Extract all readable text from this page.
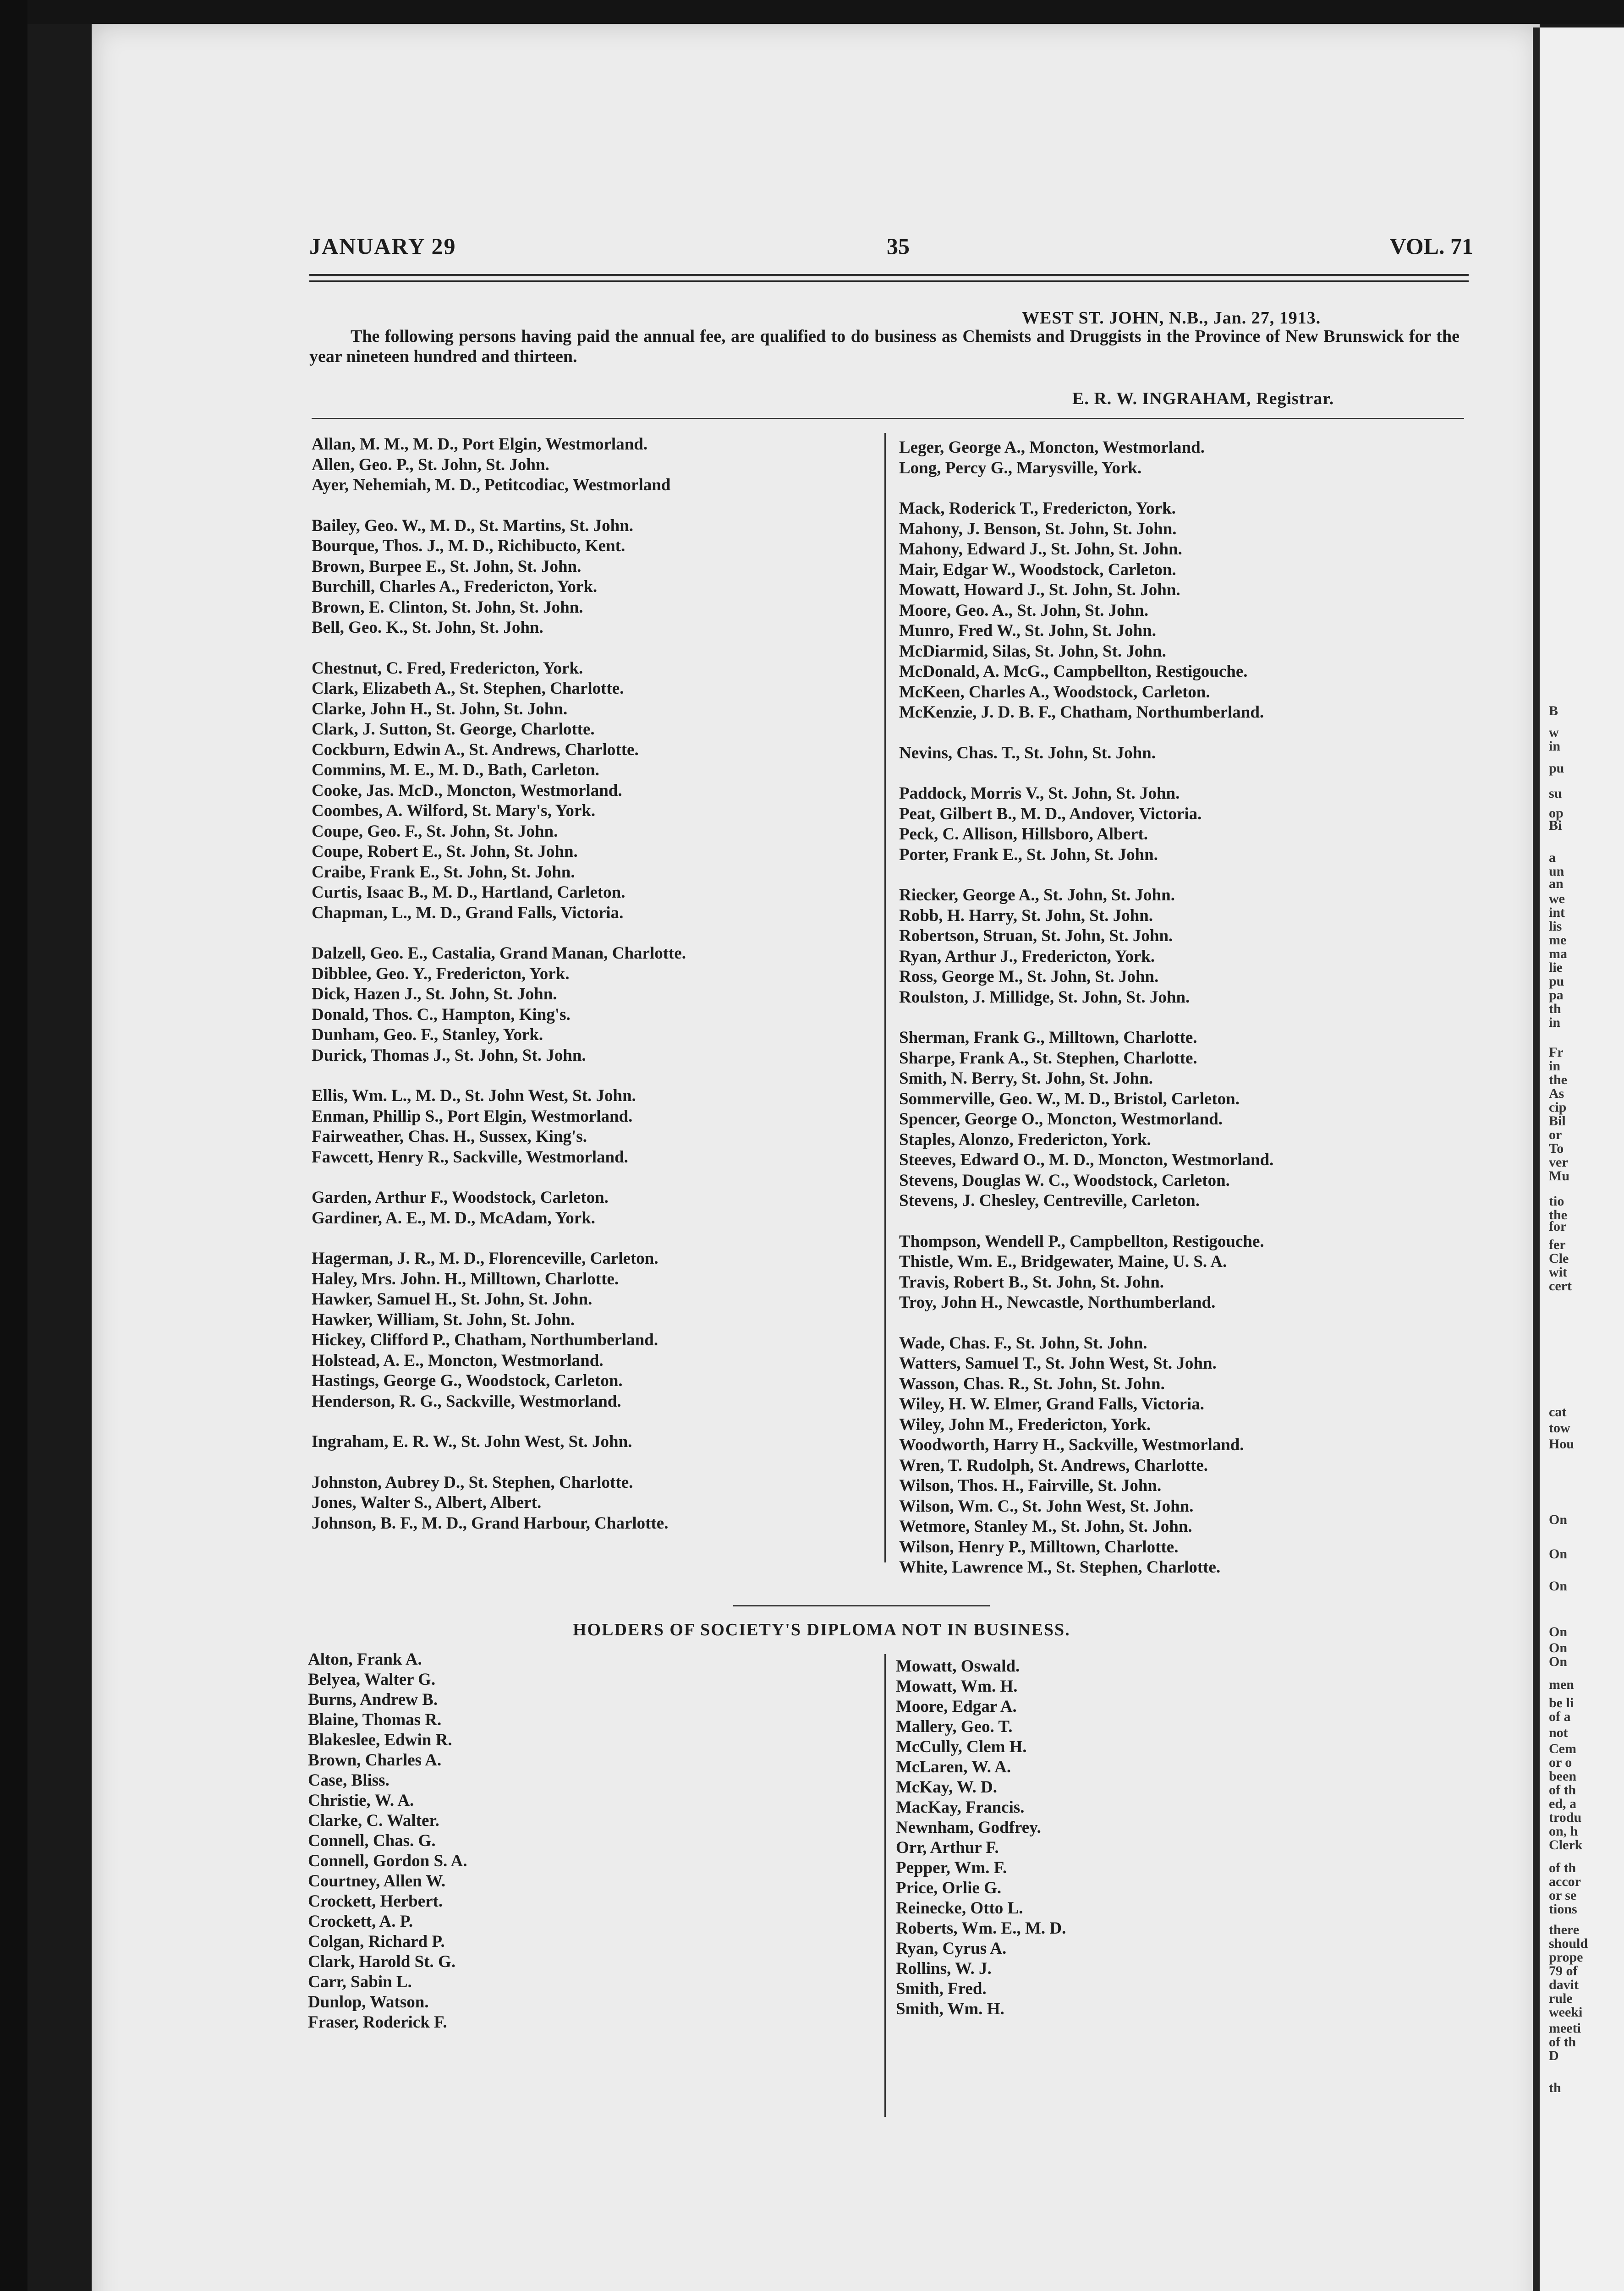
B
w
in
pu
su
op
Bi
a
un
an
we
int
lis
me
ma
lie
pu
pa
th
in
Fr
in
the
As
cip
Bil
or
To
ver
Mu
tio
the
for
fer
Cle
wit
cert
cat
tow
Hou
On
On
On
On
On
On
men
be li
of a
not
Cem
or o
been
of th
ed, a
trodu
on, h
Clerk
of th
accor
or se
tions
there
should
prope
79 of
davit
rule
weeki
meeti
of th
D
th
JANUARY 29	35	VOL. 71
WEST ST. JOHN, N.B., Jan. 27, 1913.
The following persons having paid the annual fee, are qualified to do business as Chemists and Druggists in the Province of New Brunswick for the year nineteen hundred and thirteen.
E. R. W. INGRAHAM, Registrar.
Allan, M. M., M. D., Port Elgin, Westmorland.
Allen, Geo. P., St. John, St. John.
Ayer, Nehemiah, M. D., Petitcodiac, Westmorland
Bailey, Geo. W., M. D., St. Martins, St. John.
Bourque, Thos. J., M. D., Richibucto, Kent.
Brown, Burpee E., St. John, St. John.
Burchill, Charles A., Fredericton, York.
Brown, E. Clinton, St. John, St. John.
Bell, Geo. K., St. John, St. John.
Chestnut, C. Fred, Fredericton, York.
Clark, Elizabeth A., St. Stephen, Charlotte.
Clarke, John H., St. John, St. John.
Clark, J. Sutton, St. George, Charlotte.
Cockburn, Edwin A., St. Andrews, Charlotte.
Commins, M. E., M. D., Bath, Carleton.
Cooke, Jas. McD., Moncton, Westmorland.
Coombes, A. Wilford, St. Mary's, York.
Coupe, Geo. F., St. John, St. John.
Coupe, Robert E., St. John, St. John.
Craibe, Frank E., St. John, St. John.
Curtis, Isaac B., M. D., Hartland, Carleton.
Chapman, L., M. D., Grand Falls, Victoria.
Dalzell, Geo. E., Castalia, Grand Manan, Charlotte.
Dibblee, Geo. Y., Fredericton, York.
Dick, Hazen J., St. John, St. John.
Donald, Thos. C., Hampton, King's.
Dunham, Geo. F., Stanley, York.
Durick, Thomas J., St. John, St. John.
Ellis, Wm. L., M. D., St. John West, St. John.
Enman, Phillip S., Port Elgin, Westmorland.
Fairweather, Chas. H., Sussex, King's.
Fawcett, Henry R., Sackville, Westmorland.
Garden, Arthur F., Woodstock, Carleton.
Gardiner, A. E., M. D., McAdam, York.
Hagerman, J. R., M. D., Florenceville, Carleton.
Haley, Mrs. John. H., Milltown, Charlotte.
Hawker, Samuel H., St. John, St. John.
Hawker, William, St. John, St. John.
Hickey, Clifford P., Chatham, Northumberland.
Holstead, A. E., Moncton, Westmorland.
Hastings, George G., Woodstock, Carleton.
Henderson, R. G., Sackville, Westmorland.
Ingraham, E. R. W., St. John West, St. John.
Johnston, Aubrey D., St. Stephen, Charlotte.
Jones, Walter S., Albert, Albert.
Johnson, B. F., M. D., Grand Harbour, Charlotte.
Leger, George A., Moncton, Westmorland.
Long, Percy G., Marysville, York.
Mack, Roderick T., Fredericton, York.
Mahony, J. Benson, St. John, St. John.
Mahony, Edward J., St. John, St. John.
Mair, Edgar W., Woodstock, Carleton.
Mowatt, Howard J., St. John, St. John.
Moore, Geo. A., St. John, St. John.
Munro, Fred W., St. John, St. John.
McDiarmid, Silas, St. John, St. John.
McDonald, A. McG., Campbellton, Restigouche.
McKeen, Charles A., Woodstock, Carleton.
McKenzie, J. D. B. F., Chatham, Northumberland.
Nevins, Chas. T., St. John, St. John.
Paddock, Morris V., St. John, St. John.
Peat, Gilbert B., M. D., Andover, Victoria.
Peck, C. Allison, Hillsboro, Albert.
Porter, Frank E., St. John, St. John.
Riecker, George A., St. John, St. John.
Robb, H. Harry, St. John, St. John.
Robertson, Struan, St. John, St. John.
Ryan, Arthur J., Fredericton, York.
Ross, George M., St. John, St. John.
Roulston, J. Millidge, St. John, St. John.
Sherman, Frank G., Milltown, Charlotte.
Sharpe, Frank A., St. Stephen, Charlotte.
Smith, N. Berry, St. John, St. John.
Sommerville, Geo. W., M. D., Bristol, Carleton.
Spencer, George O., Moncton, Westmorland.
Staples, Alonzo, Fredericton, York.
Steeves, Edward O., M. D., Moncton, Westmorland.
Stevens, Douglas W. C., Woodstock, Carleton.
Stevens, J. Chesley, Centreville, Carleton.
Thompson, Wendell P., Campbellton, Restigouche.
Thistle, Wm. E., Bridgewater, Maine, U. S. A.
Travis, Robert B., St. John, St. John.
Troy, John H., Newcastle, Northumberland.
Wade, Chas. F., St. John, St. John.
Watters, Samuel T., St. John West, St. John.
Wasson, Chas. R., St. John, St. John.
Wiley, H. W. Elmer, Grand Falls, Victoria.
Wiley, John M., Fredericton, York.
Woodworth, Harry H., Sackville, Westmorland.
Wren, T. Rudolph, St. Andrews, Charlotte.
Wilson, Thos. H., Fairville, St. John.
Wilson, Wm. C., St. John West, St. John.
Wetmore, Stanley M., St. John, St. John.
Wilson, Henry P., Milltown, Charlotte.
White, Lawrence M., St. Stephen, Charlotte.
HOLDERS OF SOCIETY'S DIPLOMA NOT IN BUSINESS.
Alton, Frank A.
Belyea, Walter G.
Burns, Andrew B.
Blaine, Thomas R.
Blakeslee, Edwin R.
Brown, Charles A.
Case, Bliss.
Christie, W. A.
Clarke, C. Walter.
Connell, Chas. G.
Connell, Gordon S. A.
Courtney, Allen W.
Crockett, Herbert.
Crockett, A. P.
Colgan, Richard P.
Clark, Harold St. G.
Carr, Sabin L.
Dunlop, Watson.
Fraser, Roderick F.
Mowatt, Oswald.
Mowatt, Wm. H.
Moore, Edgar A.
Mallery, Geo. T.
McCully, Clem H.
McLaren, W. A.
McKay, W. D.
MacKay, Francis.
Newnham, Godfrey.
Orr, Arthur F.
Pepper, Wm. F.
Price, Orlie G.
Reinecke, Otto L.
Roberts, Wm. E., M. D.
Ryan, Cyrus A.
Rollins, W. J.
Smith, Fred.
Smith, Wm. H.
